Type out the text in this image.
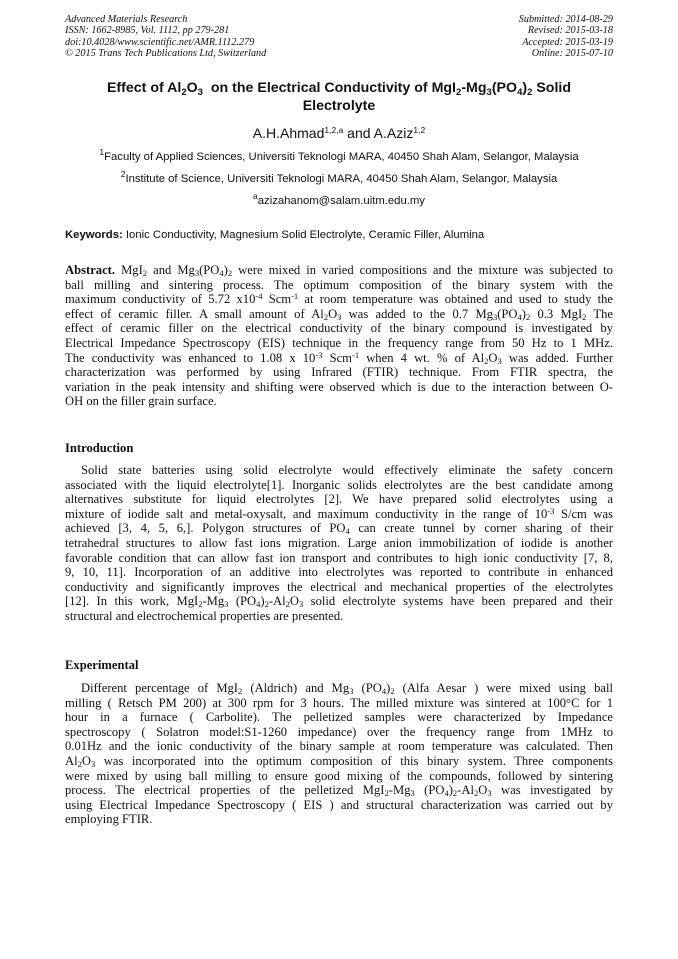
Advanced Materials Research
ISSN: 1662-8985, Vol. 1112, pp 279-281
doi:10.4028/www.scientific.net/AMR.1112.279
© 2015 Trans Tech Publications Ltd, Switzerland
Submitted: 2014-08-29
Revised: 2015-03-18
Accepted: 2015-03-19
Online: 2015-07-10
Effect of $Al_2O_3$  on the Electrical Conductivity of $MgI_2-Mg_3(PO_4)_2$ Solid
Electrolyte
A.H.Ahmad$^{1,2,a}$ and A.Aziz$^{1,2}$
$^1$Faculty of Applied Sciences, Universiti Teknologi MARA, 40450 Shah Alam, Selangor, Malaysia
$^2$Institute of Science, Universiti Teknologi MARA, 40450 Shah Alam, Selangor, Malaysia
$^a$azizahanom@salam.uitm.edu.my
Keywords: Ionic Conductivity, Magnesium Solid Electrolyte, Ceramic Filler, Alumina
Abstract. MgI$_2$ and $Mg_3(PO_4)_2$ were mixed in varied compositions and the mixture was subjected to
ball milling and sintering process. The optimum composition of the binary system with the
maximum conductivity of 5.72 $x10^{-4}$ Scm$^{-1}$ at room temperature was obtained and used to study the
effect of ceramic filler. A small amount of $Al_2O_3$ was added to the 0.7 $Mg_3(PO_4)_2$ 0.3 MgI$_2$ The
effect of ceramic filler on the electrical conductivity of the binary compound is investigated by
Electrical Impedance Spectroscopy (EIS) technique in the frequency range from 50 Hz to 1 MHz.
The conductivity was enhanced to 1.08 x $10^{-3}$ Scm$^{-1}$ when 4 wt. % of $Al_2O_3$ was added. Further
characterization was performed by using Infrared (FTIR) technique. From FTIR spectra, the
variation in the peak intensity and shifting were observed which is due to the interaction between O-
OH on the filler grain surface.
Introduction
Solid state batteries using solid electrolyte would effectively eliminate the safety concern
associated with the liquid electrolyte[1]. Inorganic solids electrolytes are the best candidate among
alternatives substitute for liquid electrolytes [2]. We have prepared solid electrolytes using a
mixture of iodide salt and metal-oxysalt, and maximum conductivity in the range of $10^{-3}$ S/cm was
achieved [3, 4, 5, 6,]. Polygon structures of $PO_4$ can create tunnel by corner sharing of their
tetrahedral structures to allow fast ions migration. Large anion immobilization of iodide is another
favorable condition that can allow fast ion transport and contributes to high ionic conductivity [7, 8,
9, 10, 11]. Incorporation of an additive into electrolytes was reported to contribute in enhanced
conductivity and significantly improves the electrical and mechanical properties of the electrolytes
[12]. In this work, $MgI_2-Mg_3$ $(PO_4)_2-Al_2O_3$ solid electrolyte systems have been prepared and their
structural and electrochemical properties are presented.
Experimental
Different percentage of MgI$_2$ (Aldrich) and $Mg_3$ $(PO_4)_2$ (Alfa Aesar ) were mixed using ball
milling ( Retsch PM 200) at 300 rpm for 3 hours. The milled mixture was sintered at 100°C for 1
hour in a furnace ( Carbolite). The pelletized samples were characterized by Impedance
spectroscopy ( Solatron model:S1-1260 impedance) over the frequency range from 1MHz to
0.01Hz and the ionic conductivity of the binary sample at room temperature was calculated. Then
$Al_2O_3$ was incorporated into the optimum composition of this binary system. Three components
were mixed by using ball milling to ensure good mixing of the compounds, followed by sintering
process. The electrical properties of the pelletized $MgI_2-Mg_3$ $(PO_4)_2-Al_2O_3$ was investigated by
using Electrical Impedance Spectroscopy ( EIS ) and structural characterization was carried out by
employing FTIR.
